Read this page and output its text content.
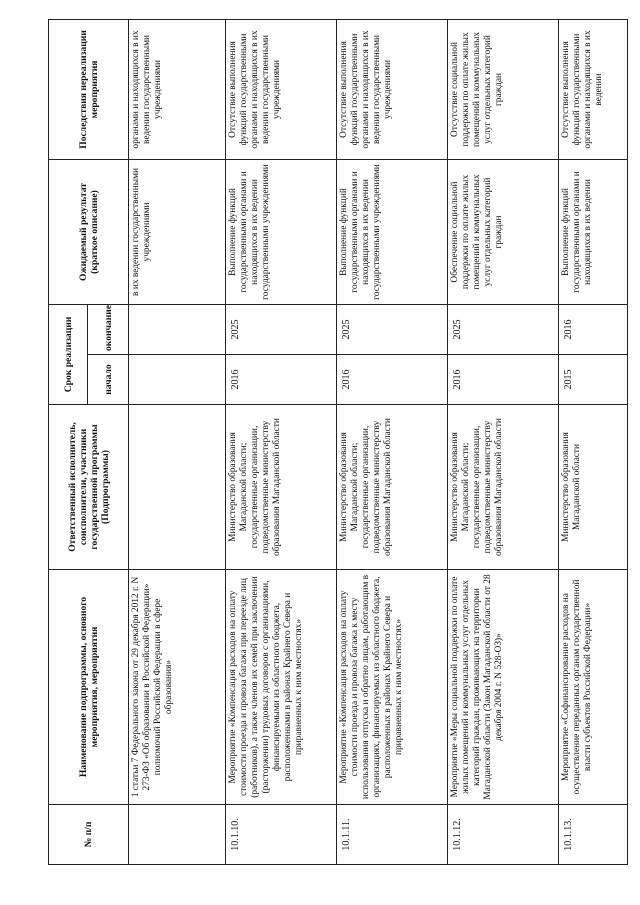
№ п/п	Наименование подпрограммы, основного мероприятия, мероприятия	Ответственный исполнитель, соисполнители, участники государственной программы (Подпрограммы)	Срок реализации		Ожидаемый результат (краткое описание)	Последствия нереализации мероприятия
			начало	окончание		
	1 статьи 7 Федерального закона от 29 декабря 2012 г. N 273-ФЗ «Об образовании в Российской Федерации» полномочий Российской Федерации в сфере образования»				в их ведении государственными учреждениями	органами и находящихся в их ведении государственными учреждениями
10.1.10.	Мероприятие «Компенсация расходов на оплату стоимости проезда и провоза багажа при переезде лиц (работников), а также членов их семей при заключении (расторжении) трудовых договоров с организациями, финансируемыми из областного бюджета, расположенными в районах Крайнего Севера и приравненных к ним местностях»	Министерство образования Магаданской области; государственные организации, подведомственные министерству образования Магаданской области	2016	2025	Выполнение функций государственными органами и находящихся в их ведении государственными учреждениями	Отсутствие выполнения функций государственными органами и находящихся в их ведении государственными учреждениями
10.1.11.	Мероприятие «Компенсация расходов на оплату стоимости проезда и провоза багажа к месту использования отпуска и обратно лицам, работающим в организациях, финансируемых из областного бюджета, расположенных в районах Крайнего Севера и приравненных к ним местностях»	Министерство образования Магаданской области; государственные организации, подведомственные министерству образования Магаданской области	2016	2025	Выполнение функций государственными органами и находящихся в их ведении государственными учреждениями	Отсутствие выполнения функций государственными органами и находящихся в их ведении государственными учреждениями
10.1.12.	Мероприятие «Меры социальной поддержки по оплате жилых помещений и коммунальных услуг отдельных категорий граждан, проживающих на территории Магаданской области (Закон Магаданской области от 28 декабря 2004 г. N 528-ОЗ)»	Министерство образования Магаданской области; государственные организации, подведомственные министерству образования Магаданской области	2016	2025	Обеспечение социальной поддержки по оплате жилых помещений и коммунальных услуг отдельных категорий граждан	Отсутствие социальной поддержки по оплате жилых помещений и коммунальных услуг отдельных категорий граждан
10.1.13.	Мероприятие «Софинансирование расходов на осуществление переданных органам государственной власти субъектов Российской Федерации»	Министерство образования Магаданской области	2015	2016	Выполнение функций государственными органами и находящихся в их ведении	Отсутствие выполнения функций государственными органами и находящихся в их ведении
